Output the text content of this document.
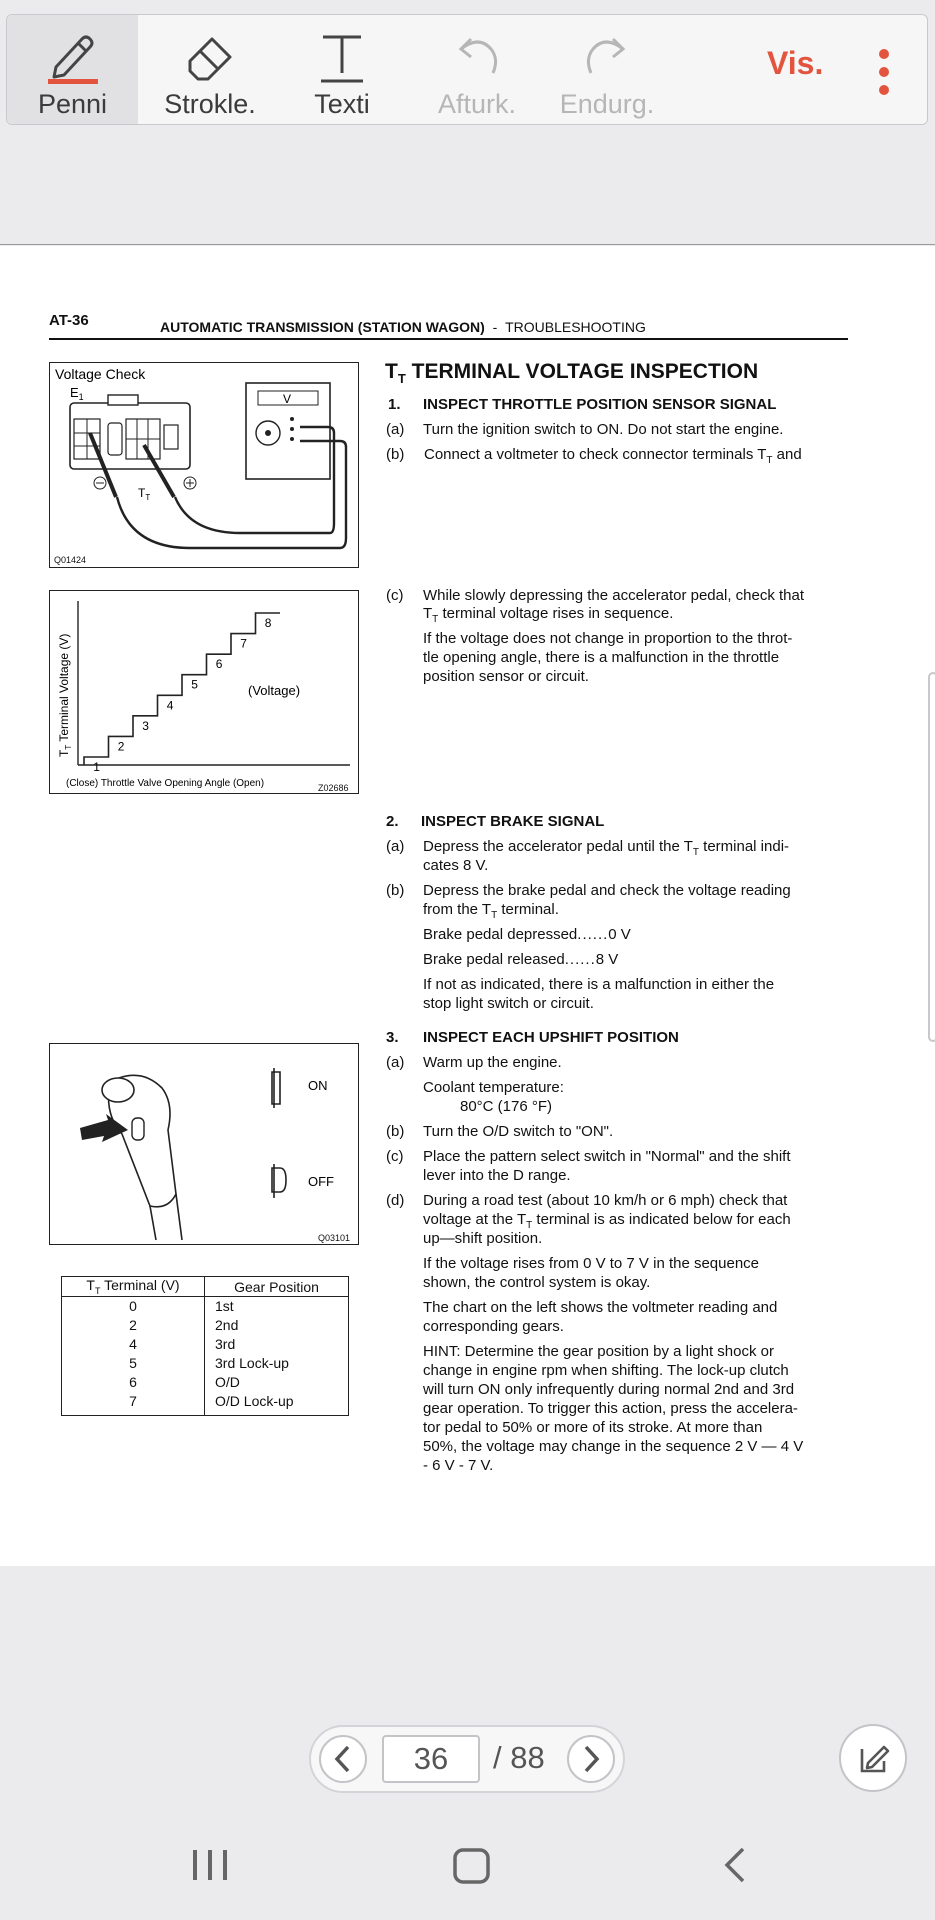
Penni Strokle. Texti	Afturk. Endurg.
Vis.
AT-36	AUTOMATIC TRANSMISSION (STATION WAGON) - TROUBLESHOOTING
Voltage Check
$E_1$
$T_T$
V
Q01424
$T_T$ Terminal Voltage (V)	(Voltage)
(Close) Throttle Valve Opening Angle (Open)
1
2
3
4
5
6
7
8
Z02686
ON
OFF
Q03101
$T_T$ TERMINAL VOLTAGE INSPECTION
1. INSPECT THROTTLE POSITION SENSOR SIGNAL
(a) Turn the ignition switch to ON. Do not start the engine.
(b) Connect a voltmeter to check connector terminals $T_T$ and
(c) While slowly depressing the accelerator pedal, check that
$T_T$ terminal voltage rises in sequence.
If the voltage does not change in proportion to the throt-
tle opening angle, there is a malfunction in the throttle
position sensor or circuit.
2. INSPECT BRAKE SIGNAL
(a) Depress the accelerator pedal until the $T_T$ terminal indi-
cates 8 V.
(b) Depress the brake pedal and check the voltage reading
from the $T_T$ terminal.
Brake pedal depressed......0 V
Brake pedal released......8 V
If not as indicated, there is a malfunction in either the
stop light switch or circuit.
3. INSPECT EACH UPSHIFT POSITION
(a) Warm up the engine.
Coolant temperature:
80°C (176 °F)
(b) Turn the O/D switch to "ON".
(c) Place the pattern select switch in "Normal" and the shift
lever into the D range.
(d) During a road test (about 10 km/h or 6 mph) check that
voltage at the $T_T$ terminal is as indicated below for each
up—shift position.
If the voltage rises from 0 V to 7 V in the sequence
shown, the control system is okay.
The chart on the left shows the voltmeter reading and
corresponding gears.
HINT: Determine the gear position by a light shock or
change in engine rpm when shifting. The lock-up clutch
will turn ON only infrequently during normal 2nd and 3rd
gear operation. To trigger this action, press the accelera-
tor pedal to 50% or more of its stroke. At more than
50%, the voltage may change in the sequence 2 V — 4 V
- 6 V - 7 V.
$T_T$ Terminal (V)	Gear Position
0	1st
2	2nd
4	3rd
5	3rd Lock-up
6	O/D
7	O/D Lock-up
36
/ 88
